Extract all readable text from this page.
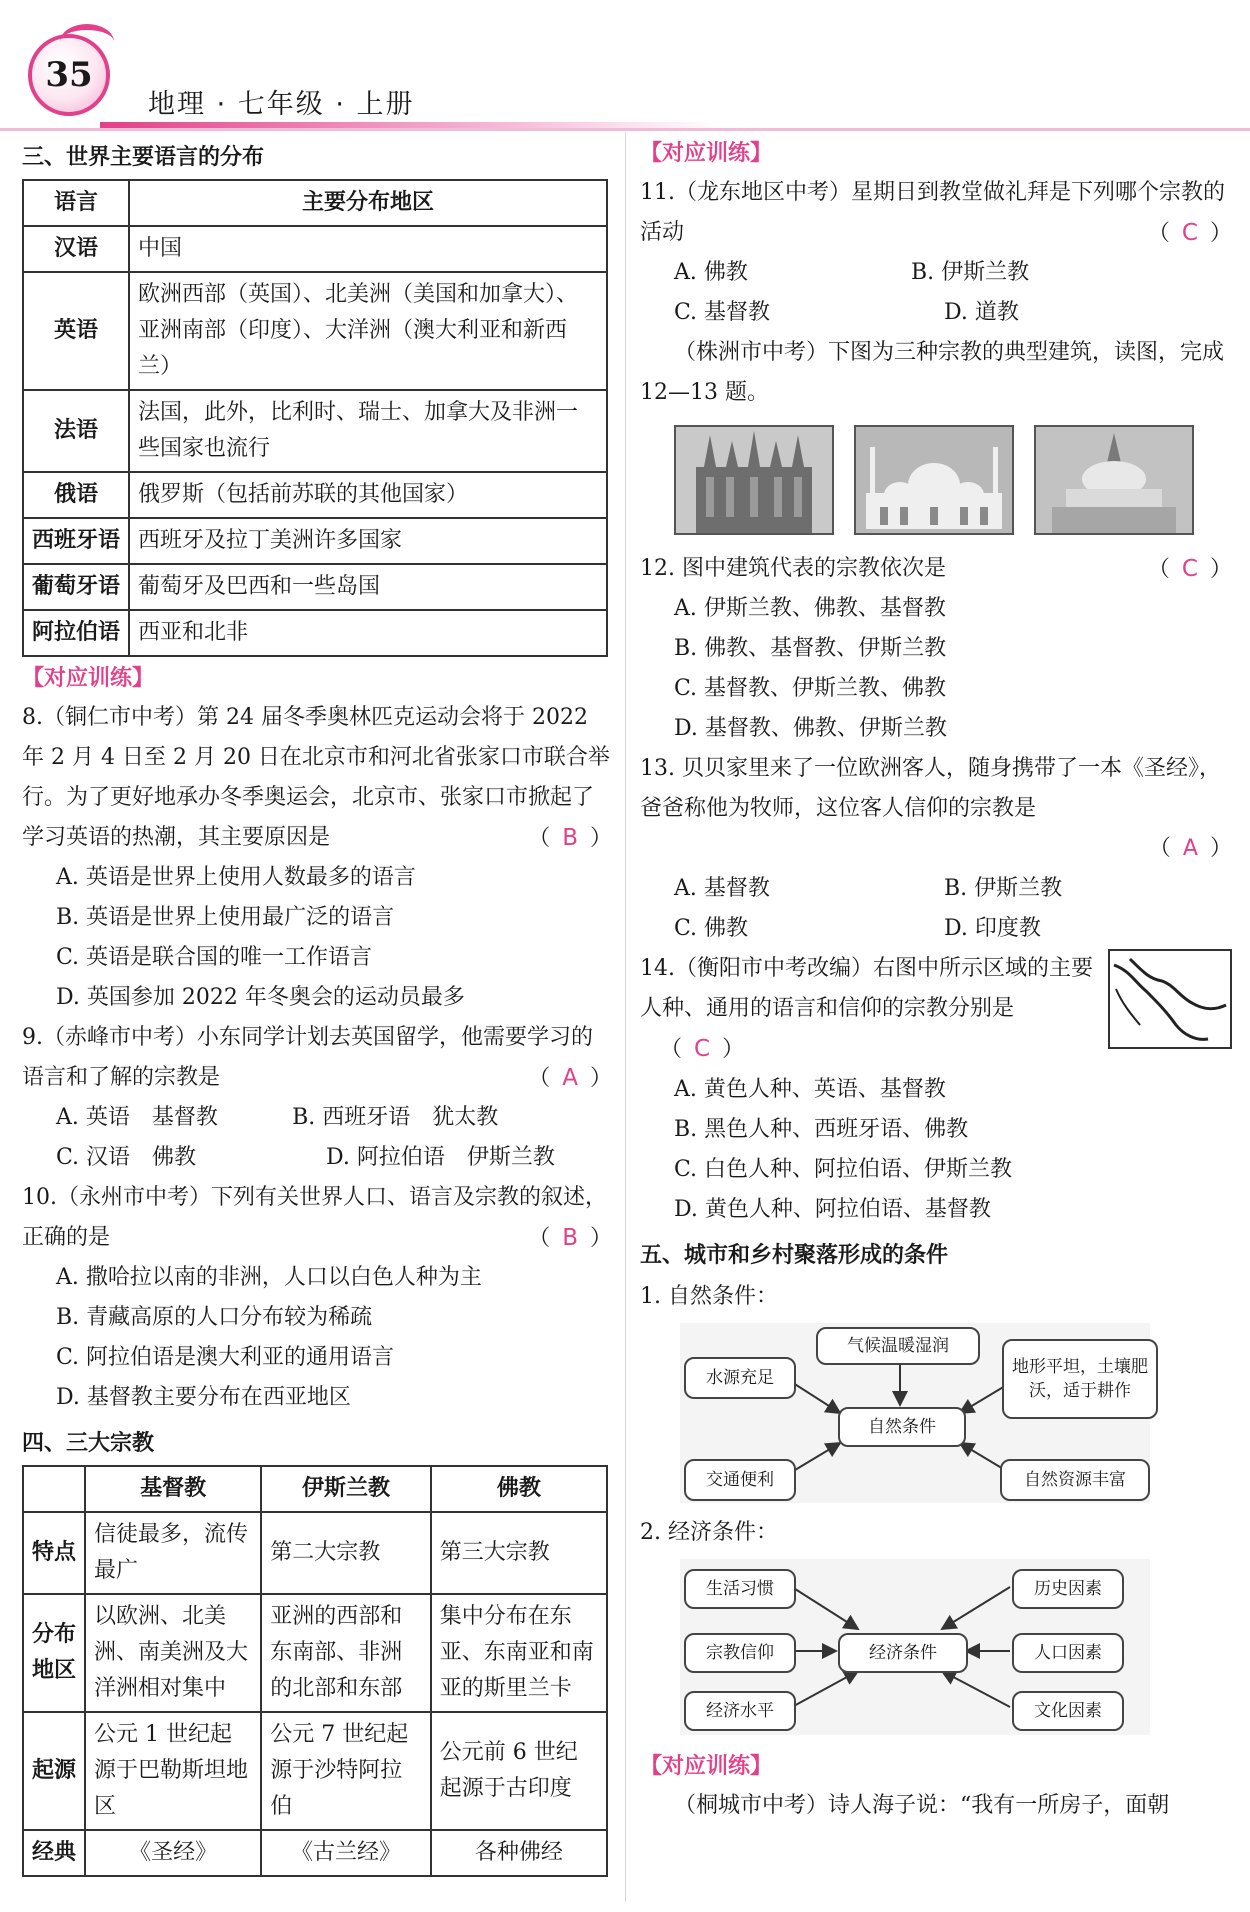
35
地理 · 七年级 · 上册
三、世界主要语言的分布
语言	主要分布地区
汉语	中国
英语	欧洲西部（英国）、北美洲（美国和加拿大）、亚洲南部（印度）、大洋洲（澳大利亚和新西兰）
法语	法国，此外，比利时、瑞士、加拿大及非洲一些国家也流行
俄语	俄罗斯（包括前苏联的其他国家）
西班牙语	西班牙及拉丁美洲许多国家
葡萄牙语	葡萄牙及巴西和一些岛国
阿拉伯语	西亚和北非
【对应训练】
8.（铜仁市中考）第 24 届冬季奥林匹克运动会将于 2022 年 2 月 4 日至 2 月 20 日在北京市和河北省张家口市联合举行。为了更好地承办冬季奥运会，北京市、张家口市掀起了学习英语的热潮，其主要原因是	（ B ）
A. 英语是世界上使用人数最多的语言
B. 英语是世界上使用最广泛的语言
C. 英语是联合国的唯一工作语言
D. 英国参加 2022 年冬奥会的运动员最多
9.（赤峰市中考）小东同学计划去英国留学，他需要学习的语言和了解的宗教是	（ A ）
A. 英语　基督教	B. 西班牙语　犹太教
C. 汉语　佛教	D. 阿拉伯语　伊斯兰教
10.（永州市中考）下列有关世界人口、语言及宗教的叙述，正确的是	（ B ）
A. 撒哈拉以南的非洲，人口以白色人种为主
B. 青藏高原的人口分布较为稀疏
C. 阿拉伯语是澳大利亚的通用语言
D. 基督教主要分布在西亚地区
四、三大宗教
	基督教	伊斯兰教	佛教
特点	信徒最多，流传最广	第二大宗教	第三大宗教
分布地区	以欧洲、北美洲、南美洲及大洋洲相对集中	亚洲的西部和东南部、非洲的北部和东部	集中分布在东亚、东南亚和南亚的斯里兰卡
起源	公元 1 世纪起源于巴勒斯坦地区	公元 7 世纪起源于沙特阿拉伯	公元前 6 世纪起源于古印度
经典	《圣经》	《古兰经》	各种佛经
【对应训练】
11.（龙东地区中考）星期日到教堂做礼拜是下列哪个宗教的活动	（ C ）
A. 佛教	B. 伊斯兰教
C. 基督教	D. 道教
（株洲市中考）下图为三种宗教的典型建筑，读图，完成 12—13 题。
12. 图中建筑代表的宗教依次是	（ C ）
A. 伊斯兰教、佛教、基督教
B. 佛教、基督教、伊斯兰教
C. 基督教、伊斯兰教、佛教
D. 基督教、佛教、伊斯兰教
13. 贝贝家里来了一位欧洲客人，随身携带了一本《圣经》，爸爸称他为牧师，这位客人信仰的宗教是
（ A ）
A. 基督教	B. 伊斯兰教
C. 佛教	D. 印度教
14.（衡阳市中考改编）右图中所示区域的主要人种、通用的语言和信仰的宗教分别是（ C ）
A. 黄色人种、英语、基督教
B. 黑色人种、西班牙语、佛教
C. 白色人种、阿拉伯语、伊斯兰教
D. 黄色人种、阿拉伯语、基督教
五、城市和乡村聚落形成的条件
1. 自然条件：
自然条件
气候温暖湿润
水源充足
地形平坦，土壤肥沃，适于耕作
交通便利	自然资源丰富
2. 经济条件：
经济条件
生活习惯	历史因素
宗教信仰	人口因素
经济水平	文化因素
【对应训练】
（桐城市中考）诗人海子说：“我有一所房子，面朝
